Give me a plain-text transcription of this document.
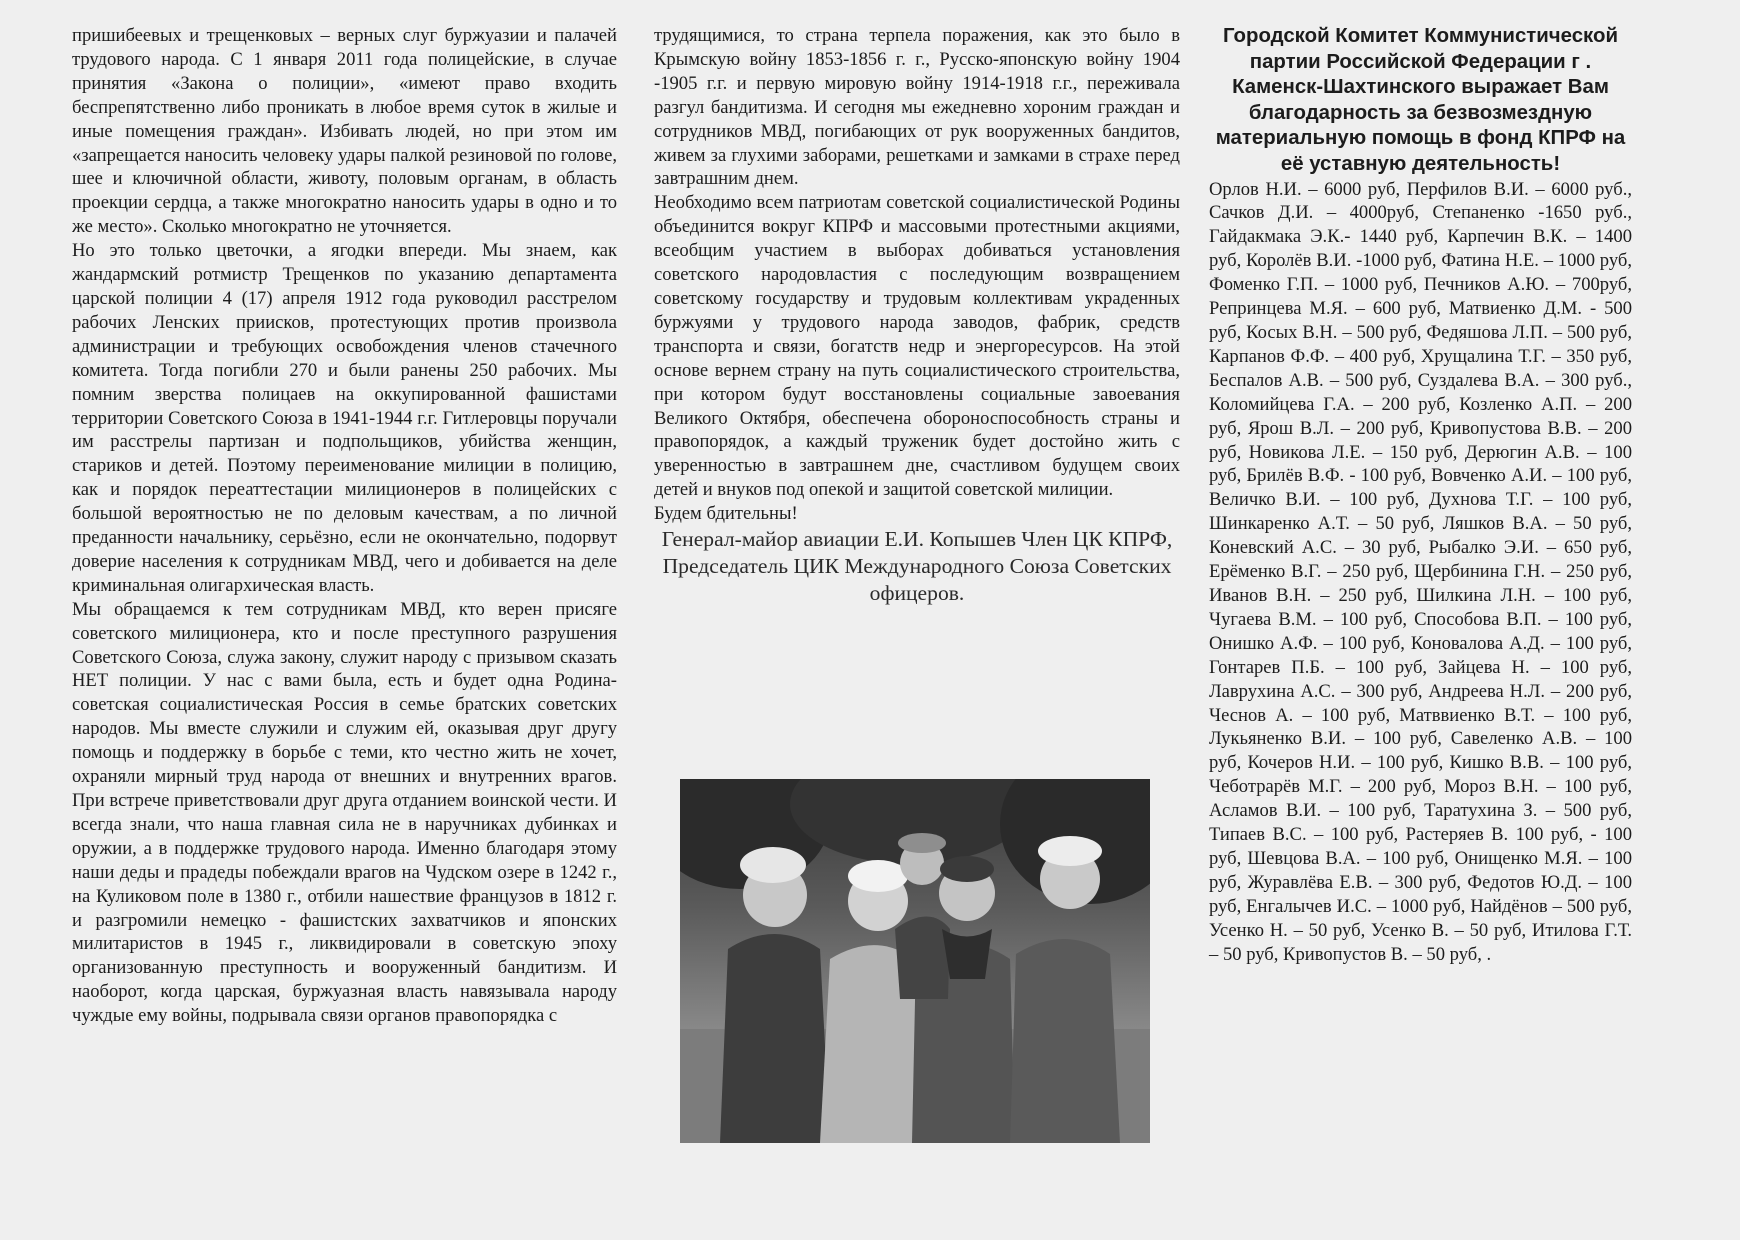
пришибеевых и трещенковых – верных слуг буржуазии и палачей трудового народа. С 1 января 2011 года полицейские, в случае принятия «Закона о полиции», «имеют право входить беспрепятственно либо проникать в любое время суток в жилые и иные помещения граждан». Избивать людей, но при этом им «запрещается наносить человеку удары палкой резиновой по голове, шее и ключичной области, животу, половым органам, в область проекции сердца, а также многократно наносить удары в одно и то же место». Сколько многократно не уточняется.

Но это только цветочки, а ягодки впереди. Мы знаем, как жандармский ротмистр Трещенков по указанию департамента царской полиции 4 (17) апреля 1912 года руководил расстрелом рабочих Ленских приисков, протестующих против произвола администрации и требующих освобождения членов стачечного комитета. Тогда погибли 270 и были ранены 250 рабочих. Мы помним зверства полицаев на оккупированной фашистами территории Советского Союза в 1941-1944 г.г. Гитлеровцы поручали им расстрелы партизан и подпольщиков, убийства женщин, стариков и детей. Поэтому переименование милиции в полицию, как и порядок переаттестации милиционеров в полицейских с большой вероятностью не по деловым качествам, а по личной преданности начальнику, серьёзно, если не окончательно, подорвут доверие населения к сотрудникам МВД, чего и добивается на деле криминальная олигархическая власть.

Мы обращаемся к тем сотрудникам МВД, кто верен присяге советского милиционера, кто и после преступного разрушения Советского Союза, служа закону, служит народу с призывом сказать НЕТ полиции. У нас с вами была, есть и будет одна Родина-советская социалистическая Россия в семье братских советских народов. Мы вместе служили и служим ей, оказывая друг другу помощь и поддержку в борьбе с теми, кто честно жить не хочет, охраняли мирный труд народа от внешних и внутренних врагов. При встрече приветствовали друг друга отданием воинской чести. И всегда знали, что наша главная сила не в наручниках дубинках и оружии, а в поддержке трудового народа. Именно благодаря этому наши деды и прадеды побеждали врагов на Чудском озере в 1242 г., на Куликовом поле в 1380 г., отбили нашествие французов в 1812 г. и разгромили немецко - фашистских захватчиков и японских милитаристов в 1945 г., ликвидировали в советскую эпоху организованную преступность и вооруженный бандитизм. И наоборот, когда царская, буржуазная власть навязывала народу чуждые ему войны, подрывала связи органов правопорядка с

трудящимися, то страна терпела поражения, как это было в Крымскую войну 1853-1856 г. г., Русско-японскую войну 1904 -1905 г.г. и первую мировую войну 1914-1918 г.г., переживала разгул бандитизма. И сегодня мы ежедневно хороним граждан и сотрудников МВД, погибающих от рук вооруженных бандитов, живем за глухими заборами, решетками и замками в страхе перед завтрашним днем.

Необходимо всем патриотам советской социалистической Родины объединится вокруг КПРФ и массовыми протестными акциями, всеобщим участием в выборах добиваться установления советского народовластия с последующим возвращением советскому государству и трудовым коллективам украденных буржуями у трудового народа заводов, фабрик, средств транспорта и связи, богатств недр и энергоресурсов. На этой основе вернем страну на путь социалистического строительства, при котором будут восстановлены социальные завоевания Великого Октября, обеспечена обороноспособность страны и правопорядок, а каждый труженик будет достойно жить с уверенностью в завтрашнем дне, счастливом будущем своих детей и внуков под опекой и защитой советской милиции.

Будем бдительны!

Генерал-майор авиации Е.И. Копышев Член ЦК КПРФ, Председатель ЦИК Международного Союза Советских офицеров.

Городской Комитет Коммунистической партии Российской Федерации г . Каменск-Шахтинского выражает Вам благодарность за безвозмездную материальную помощь в фонд КПРФ на её уставную деятельность!

Орлов Н.И. – 6000 руб, Перфилов В.И. – 6000 руб., Сачков Д.И. – 4000руб, Степаненко -1650 руб., Гайдакмака Э.К.- 1440 руб, Карпечин В.К. – 1400 руб, Королёв В.И. -1000 руб, Фатина Н.Е. – 1000 руб, Фоменко Г.П. – 1000 руб, Печников А.Ю. – 700руб, Репринцева М.Я. – 600 руб, Матвиенко Д.М. - 500 руб, Косых В.Н. – 500 руб, Федяшова Л.П. – 500 руб, Карпанов Ф.Ф. – 400 руб, Хрущалина Т.Г. – 350 руб, Беспалов А.В. – 500 руб, Суздалева В.А. – 300 руб., Коломийцева Г.А. – 200 руб, Козленко А.П. – 200 руб, Ярош В.Л. – 200 руб, Кривопустова В.В. – 200 руб, Новикова Л.Е. – 150 руб, Дерюгин А.В. – 100 руб, Брилёв В.Ф. - 100 руб, Вовченко А.И. – 100 руб, Величко В.И. – 100 руб, Духнова Т.Г. – 100 руб, Шинкаренко А.Т. – 50 руб, Ляшков В.А. – 50 руб, Коневский А.С. – 30 руб, Рыбалко Э.И. – 650 руб, Ерёменко В.Г. – 250 руб, Щербинина Г.Н. – 250 руб, Иванов В.Н. – 250 руб, Шилкина Л.Н. – 100 руб, Чугаева В.М. – 100 руб, Способова В.П. – 100 руб, Онишко А.Ф. – 100 руб, Коновалова А.Д. – 100 руб, Гонтарев П.Б. – 100 руб, Зайцева Н. – 100 руб, Лаврухина А.С. – 300 руб, Андреева Н.Л. – 200 руб, Чеснов А. – 100 руб, Матввиенко В.Т. – 100 руб, Лукьяненко В.И. – 100 руб, Савеленко А.В. – 100 руб, Кочеров Н.И. – 100 руб, Кишко В.В. – 100 руб, Чеботрарёв М.Г. – 200 руб, Мороз В.Н. – 100 руб, Асламов В.И. – 100 руб, Таратухина З. – 500 руб, Типаев В.С. – 100 руб, Растеряев В. 100 руб, - 100 руб, Шевцова В.А. – 100 руб, Онищенко М.Я. – 100 руб, Журавлёва Е.В. – 300 руб, Федотов Ю.Д. – 100 руб, Енгалычев И.С. – 1000 руб, Найдёнов – 500 руб, Усенко Н. – 50 руб, Усенко В. – 50 руб, Итилова Г.Т. – 50 руб, Кривопустов В. – 50 руб, .
